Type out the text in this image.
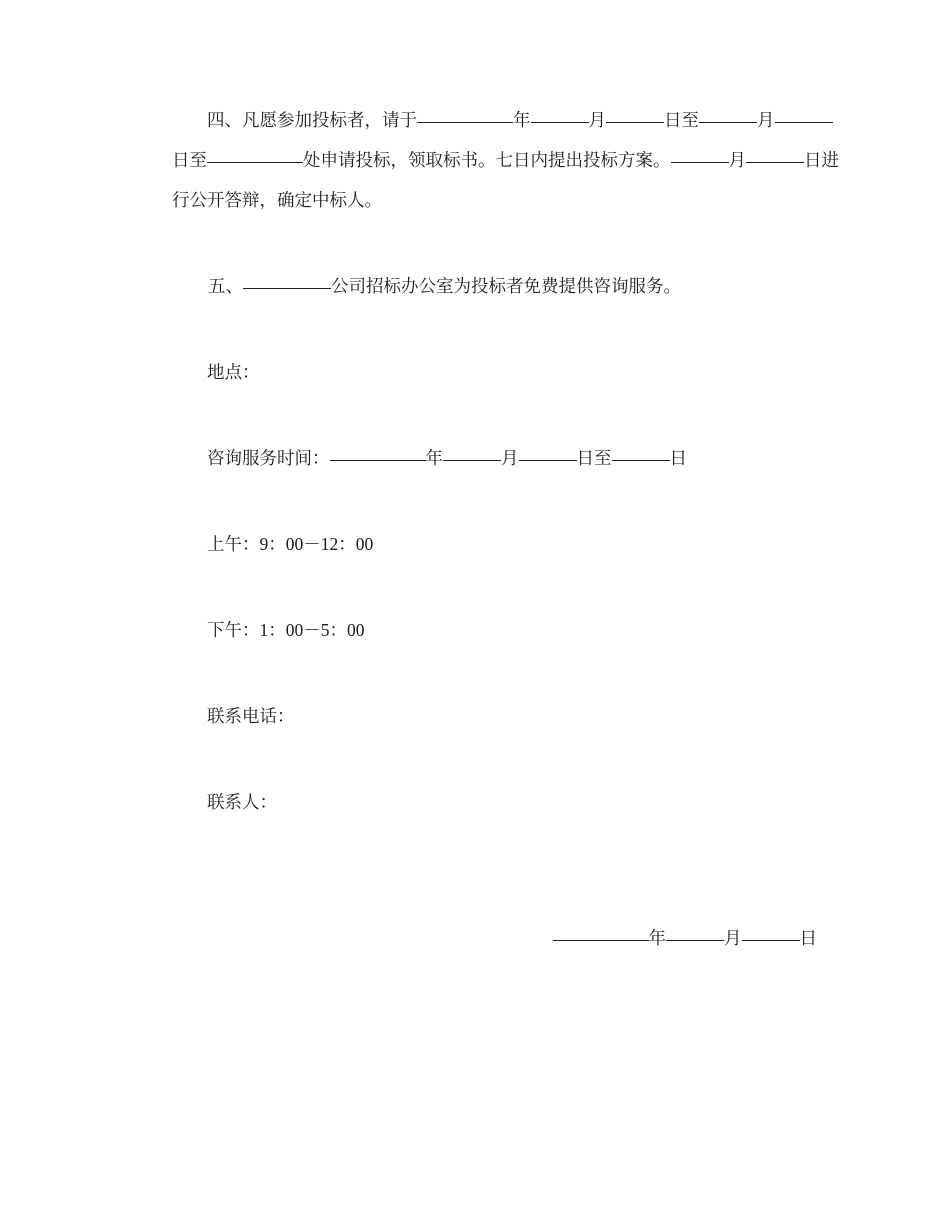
四、凡愿参加投标者，请于	年	月	日至	月
日至	处申请投标，领取标书。七日内提出投标方案。	月	日进
行公开答辩，确定中标人。
五、	公司招标办公室为投标者免费提供咨询服务。
地点：
咨询服务时间：	年	月	日至	日
上午：9：00－12：00
下午：1：00－5：00
联系电话：
联系人：
年	月	日
